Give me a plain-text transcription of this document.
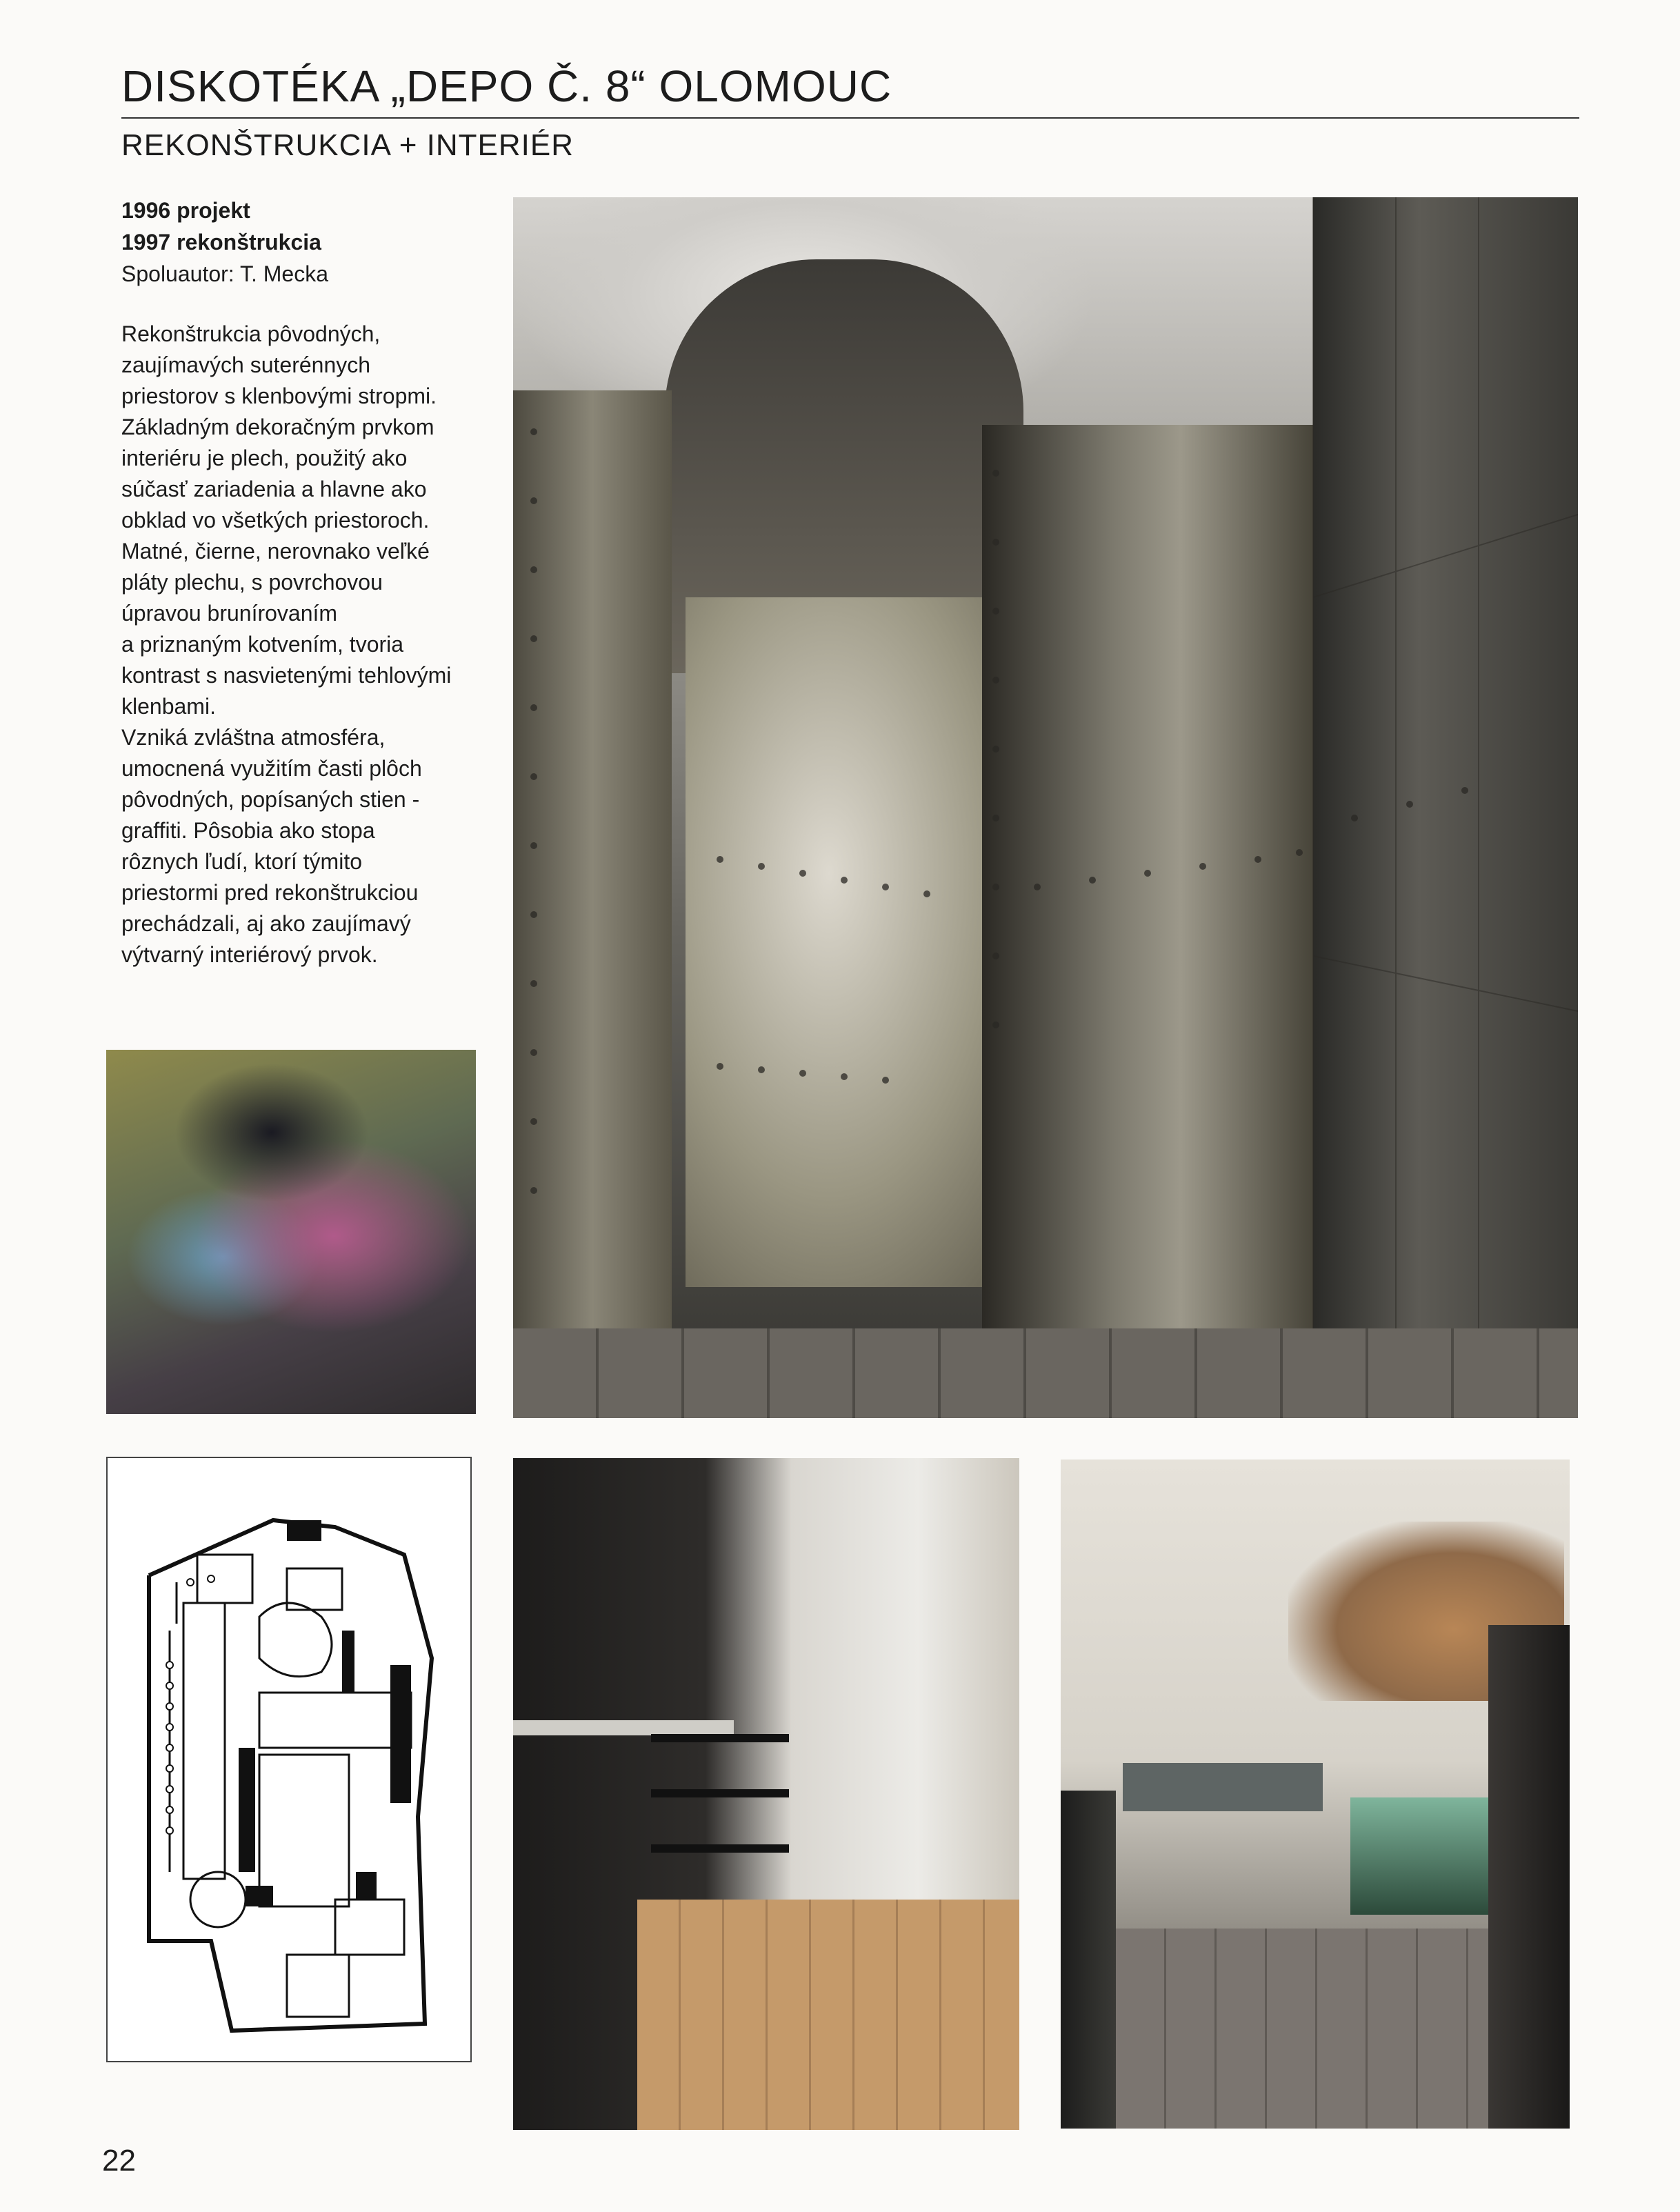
DISKOTÉKA „DEPO Č. 8“ OLOMOUC
REKONŠTRUKCIA + INTERIÉR
1996 projekt
1997 rekonštrukcia
Spoluautor: T. Mecka
Rekonštrukcia pôvodných,
zaujímavých suterénnych
priestorov s klenbovými stropmi.
Základným dekoračným prvkom
interiéru je plech, použitý ako
súčasť zariadenia a hlavne ako
obklad vo všetkých priestoroch.
Matné, čierne, nerovnako veľké
pláty plechu, s povrchovou
úpravou brunírovaním
a priznaným kotvením, tvoria
kontrast s nasvietenými tehlovými
klenbami.
Vzniká zvláštna atmosféra,
umocnená využitím časti plôch
pôvodných, popísaných stien -
graffiti. Pôsobia ako stopa
rôznych ľudí, ktorí týmito
priestormi pred rekonštrukciou
prechádzali, aj ako zaujímavý
výtvarný interiérový prvok.
22
